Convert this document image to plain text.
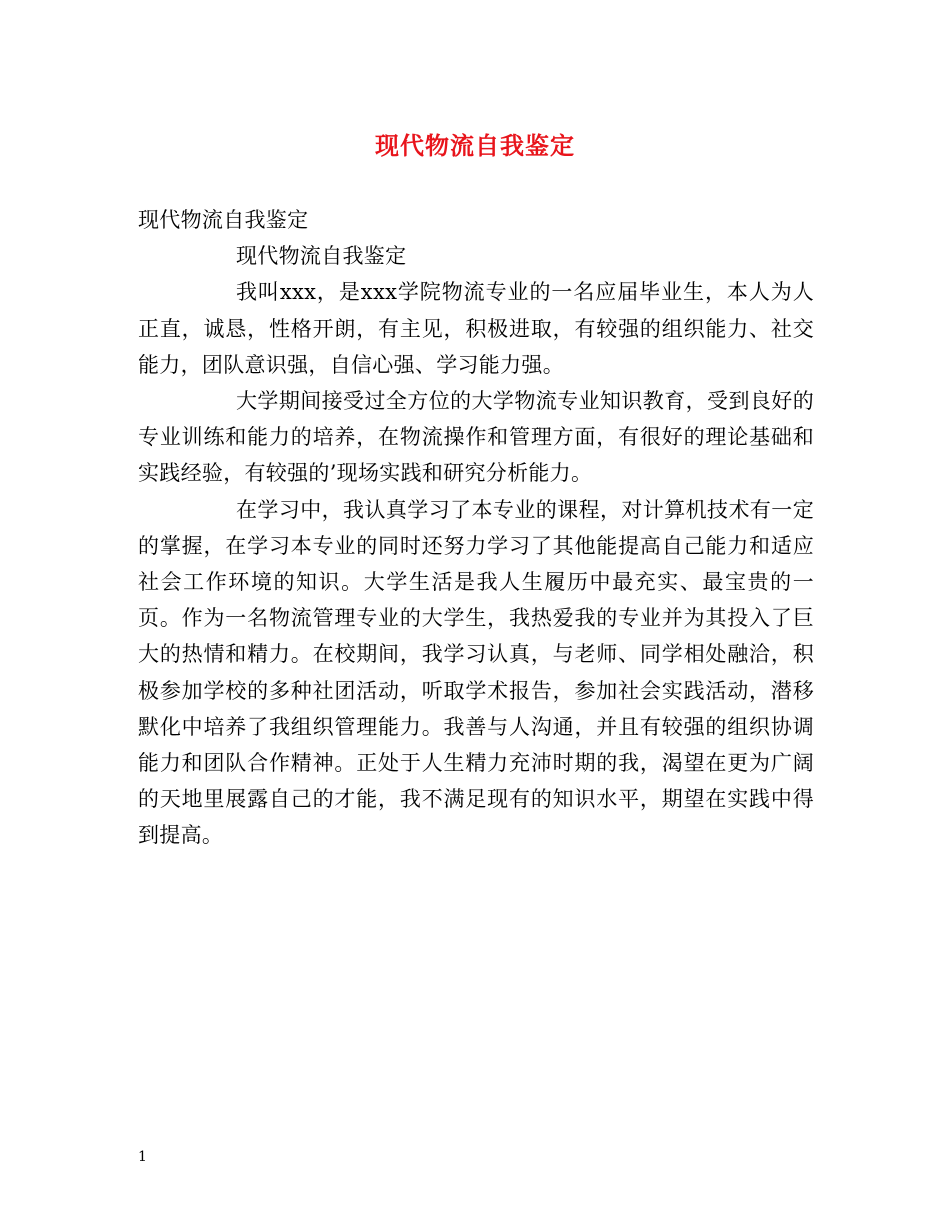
现代物流自我鉴定

现代物流自我鉴定

现代物流自我鉴定

我叫xxx，是xxx学院物流专业的一名应届毕业生，本人为人正直，诚恳，性格开朗，有主见，积极进取，有较强的组织能力、社交能力，团队意识强，自信心强、学习能力强。

大学期间接受过全方位的大学物流专业知识教育，受到良好的专业训练和能力的培养，在物流操作和管理方面，有很好的理论基础和实践经验，有较强的’现场实践和研究分析能力。

在学习中，我认真学习了本专业的课程，对计算机技术有一定的掌握，在学习本专业的同时还努力学习了其他能提高自己能力和适应社会工作环境的知识。大学生活是我人生履历中最充实、最宝贵的一页。作为一名物流管理专业的大学生，我热爱我的专业并为其投入了巨大的热情和精力。在校期间，我学习认真，与老师、同学相处融洽，积极参加学校的多种社团活动，听取学术报告，参加社会实践活动，潜移默化中培养了我组织管理能力。我善与人沟通，并且有较强的组织协调能力和团队合作精神。正处于人生精力充沛时期的我，渴望在更为广阔的天地里展露自己的才能，我不满足现有的知识水平，期望在实践中得到提高。

1
